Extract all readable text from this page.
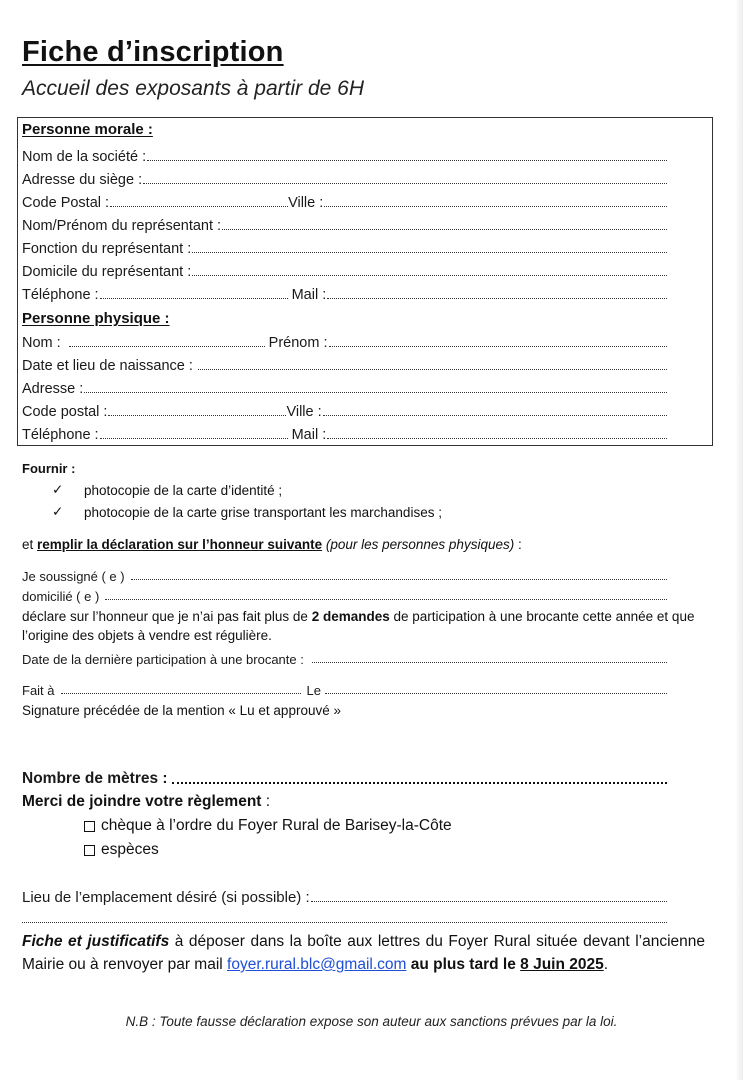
Fiche d’inscription
Accueil des exposants à partir de 6H
Personne morale :
Nom de la société :
Adresse du siège :
Code Postal :	Ville :
Nom/Prénom du représentant :
Fonction du représentant :
Domicile du représentant :
Téléphone :	Mail :
Personne physique :
Nom :	Prénom :
Date et lieu de naissance :
Adresse :
Code postal :	Ville :
Téléphone :	Mail :
Fournir :
✓	photocopie de la carte d’identité ;
✓	photocopie de la carte grise transportant les marchandises ;
et remplir la déclaration sur l’honneur suivante (pour les personnes physiques) :
Je soussigné ( e )
domicilié ( e )
déclare sur l’honneur que je n’ai pas fait plus de 2 demandes de participation à une brocante cette année et que l’origine des objets à vendre est régulière.
Date de la dernière participation à une brocante :
Fait à	Le
Signature précédée de la mention « Lu et approuvé »
Nombre de mètres :
Merci de joindre votre règlement :
chèque à l’ordre du Foyer Rural de Barisey-la-Côte
espèces
Lieu de l’emplacement désiré (si possible) :
Fiche et justificatifs à déposer dans la boîte aux lettres du Foyer Rural située devant l’ancienne Mairie ou à renvoyer par mail foyer.rural.blc@gmail.com au plus tard le 8 Juin 2025.
N.B : Toute fausse déclaration expose son auteur aux sanctions prévues par la loi.
